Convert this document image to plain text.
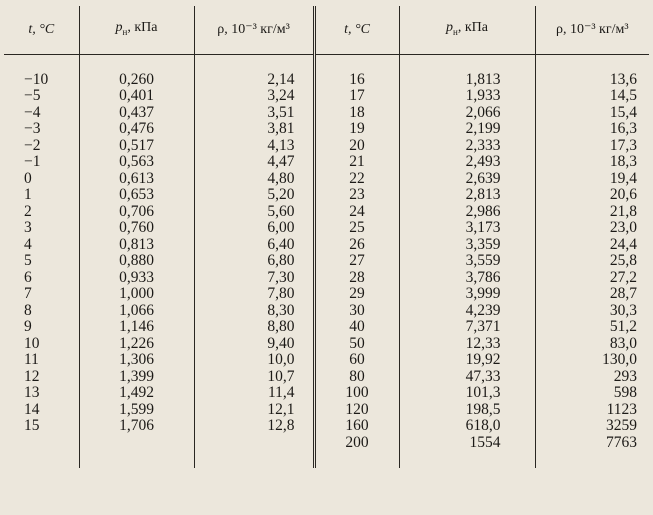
t, °C	$p_н$, кПа	ρ, 10⁻³ кг/м³	t, °C	$p_н$, кПа	ρ, 10⁻³ кг/м³

−10	0,260	2,14	16	1,813	13,6
−5	0,401	3,24	17	1,933	14,5
−4	0,437	3,51	18	2,066	15,4
−3	0,476	3,81	19	2,199	16,3
−2	0,517	4,13	20	2,333	17,3
−1	0,563	4,47	21	2,493	18,3
0	0,613	4,80	22	2,639	19,4
1	0,653	5,20	23	2,813	20,6
2	0,706	5,60	24	2,986	21,8
3	0,760	6,00	25	3,173	23,0
4	0,813	6,40	26	3,359	24,4
5	0,880	6,80	27	3,559	25,8
6	0,933	7,30	28	3,786	27,2
7	1,000	7,80	29	3,999	28,7
8	1,066	8,30	30	4,239	30,3
9	1,146	8,80	40	7,371	51,2
10	1,226	9,40	50	12,33	83,0
11	1,306	10,0	60	19,92	130,0
12	1,399	10,7	80	47,33	293
13	1,492	11,4	100	101,3	598
14	1,599	12,1	120	198,5	1123
15	1,706	12,8	160	618,0	3259
			200	1554	7763
